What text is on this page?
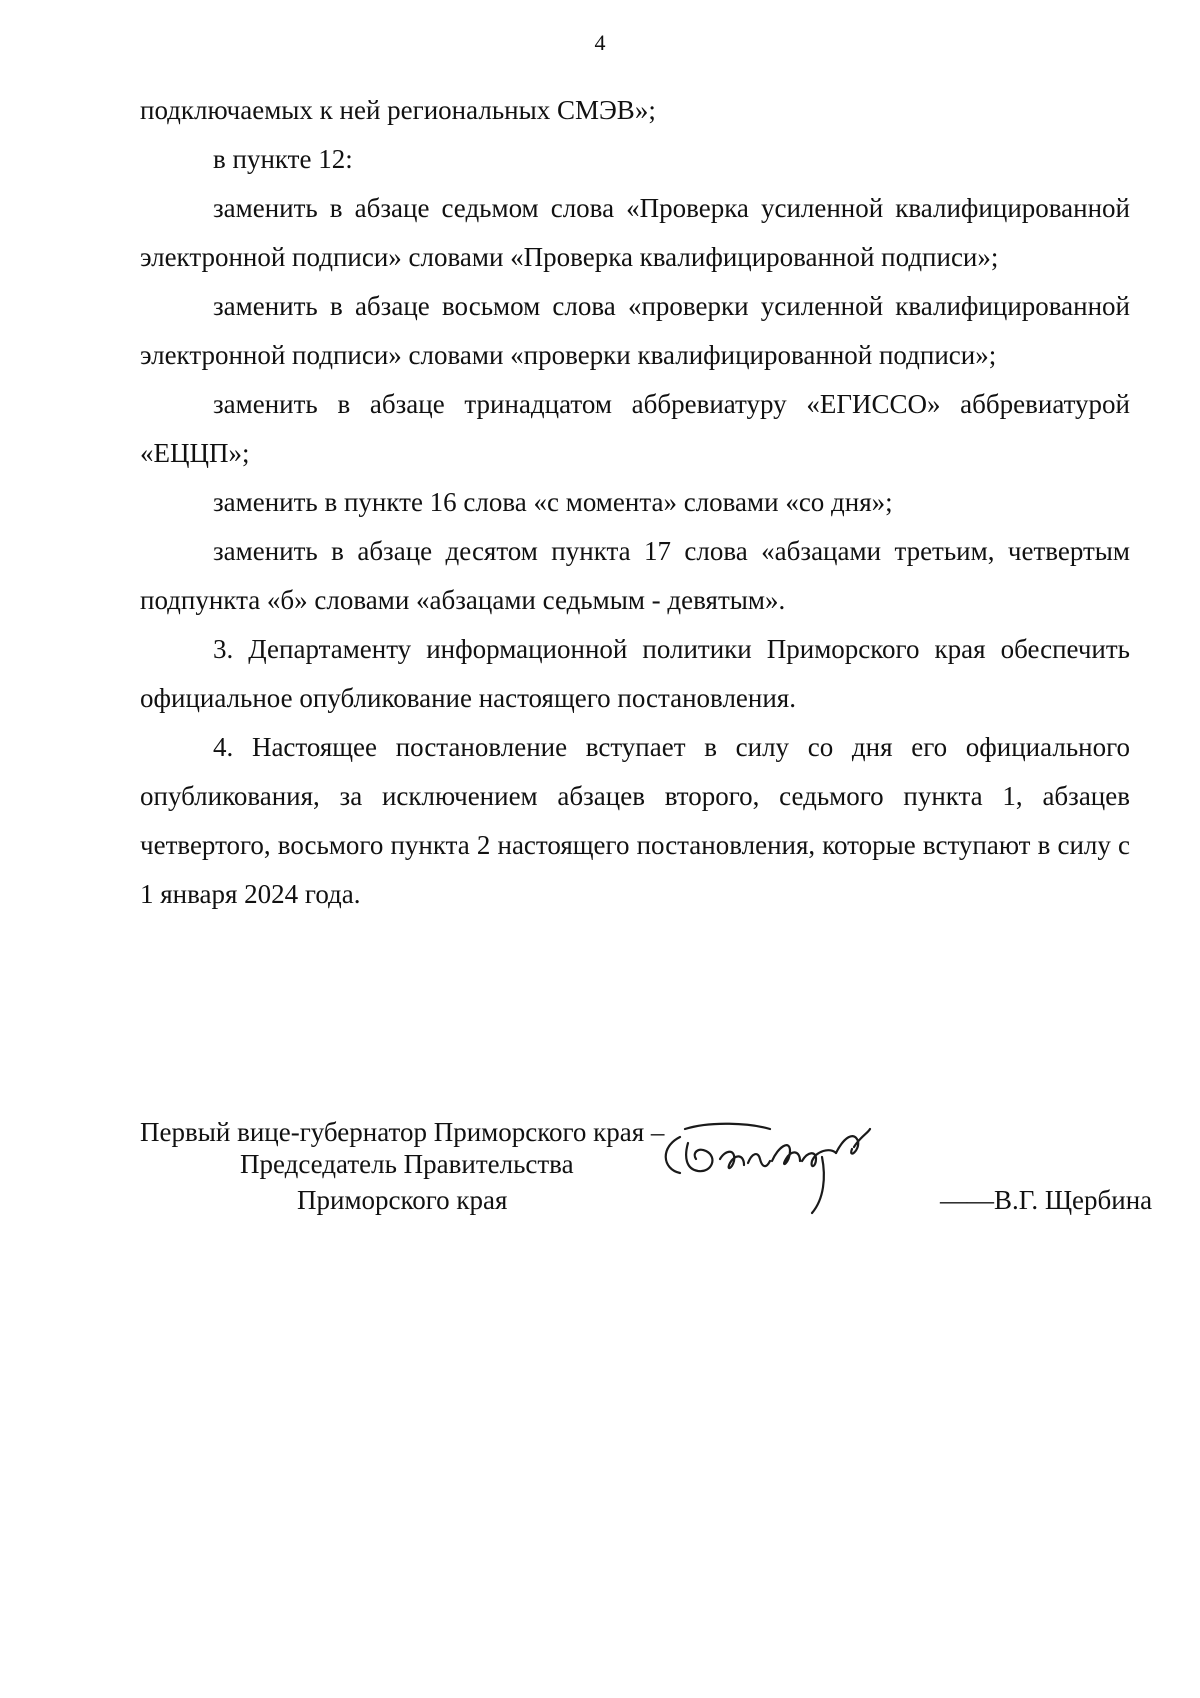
4

подключаемых к ней региональных СМЭВ»;

в пункте 12:

заменить в абзаце седьмом слова «Проверка усиленной квалифицированной электронной подписи» словами «Проверка квалифицированной подписи»;

заменить в абзаце восьмом слова «проверки усиленной квалифицированной электронной подписи» словами «проверки квалифицированной подписи»;

заменить в абзаце тринадцатом аббревиатуру «ЕГИССО» аббревиатурой «ЕЦЦП»;

заменить в пункте 16 слова «с момента» словами «со дня»;

заменить в абзаце десятом пункта 17 слова «абзацами третьим, четвертым подпункта «б» словами «абзацами седьмым - девятым».

3. Департаменту информационной политики Приморского края обеспечить официальное опубликование настоящего постановления.

4. Настоящее постановление вступает в силу со дня его официального опубликования, за исключением абзацев второго, седьмого пункта 1, абзацев четвертого, восьмого пункта 2 настоящего постановления, которые вступают в силу с 1 января 2024 года.

Первый вице-губернатор Приморского края –
Председатель Правительства
Приморского края	——В.Г. Щербина
